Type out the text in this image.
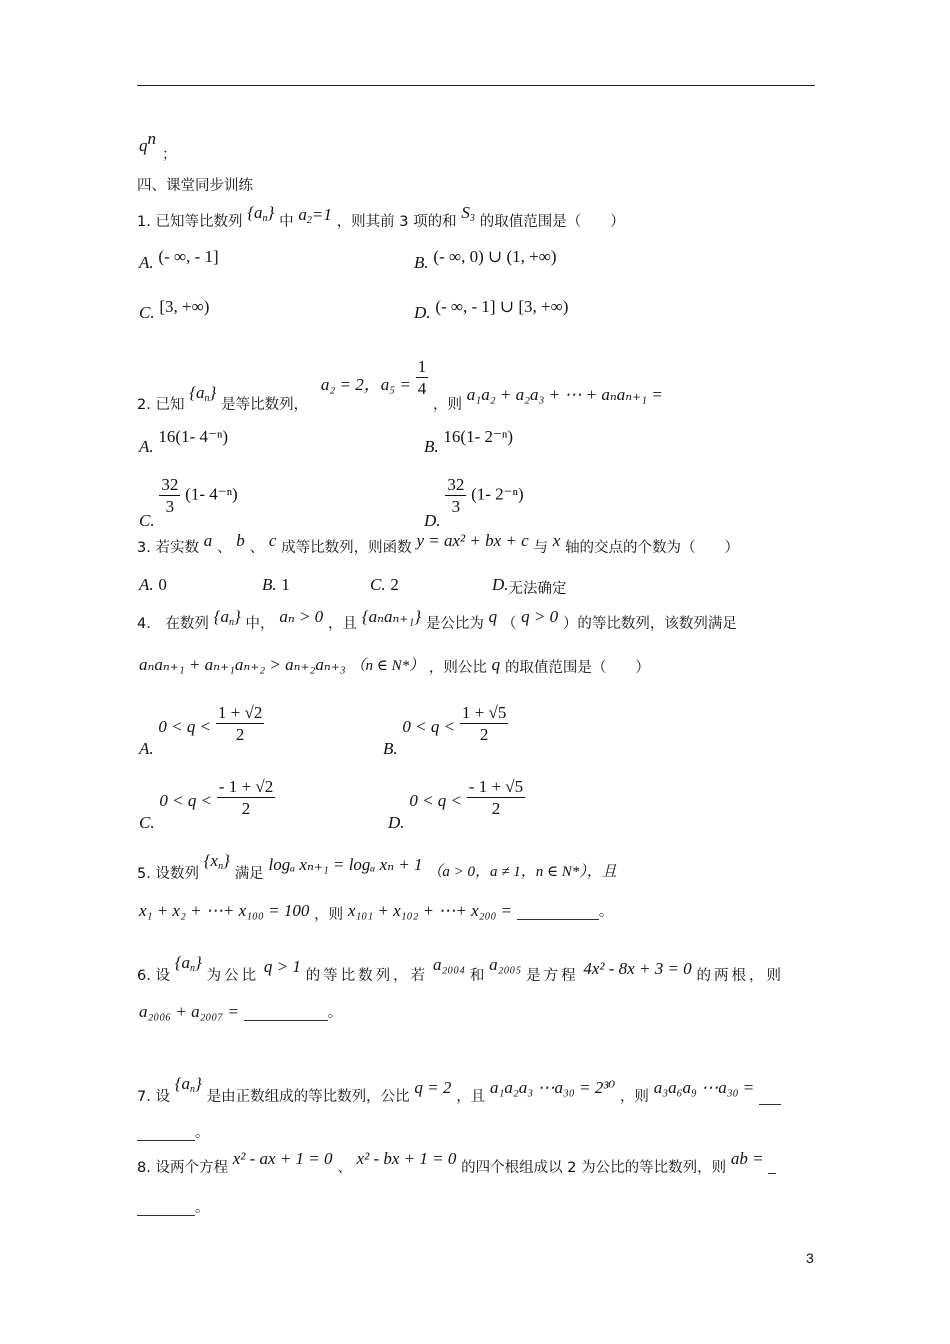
$q^n$；
四、课堂同步训练
1. 已知等比数列 $\{a_n\}$ 中 $a_2=1$ ，则其前 3 项的和 $S_3$ 的取值范围是（　　）
A. (- ∞, - 1]	B. (- ∞, 0) ∪ (1, +∞)
C. [3, +∞)	D. (- ∞, - 1] ∪ [3, +∞)
2. 已知 $\{a_n\}$ 是等比数列， a₂ = 2，$a_5 = \frac{1}{4}$
，则 a₁a₂ + a₂a₃ + ⋯ + aₙaₙ₊₁ =
A. 16(1- 4⁻ⁿ)
B. 16(1- 2⁻ⁿ)
C.
$\frac{32}{3} (1-$ 4⁻ⁿ)
D.
$\frac{32}{3} (1-$ 2⁻ⁿ)
3. 若实数 a 、 b 、 c 成等比数列，则函数 y = ax² + bx + c 与 x 轴的交点的个数为（　　）
A. 0	B. 1	C. 2	D.无法确定
4.　在数列 $\{a_n\}$ 中， aₙ > 0 ，且 {aₙaₙ₊₁} 是公比为 q （ q > 0 ）的等比数列，该数列满足
aₙaₙ₊₁ + aₙ₊₁aₙ₊₂ > aₙ₊₂aₙ₊₃ （n ∈ N*） ，则公比 q 的取值范围是（　　）
A. $0 < q < \frac{1 + √2}{2}$
B. $0 < q < \frac{1 + √5}{2}$
C. $0 < q < \frac{- 1 + √2}{2}$
D. $0 < q < \frac{- 1 + √5}{2}$
5. 设数列 $\{x_n\}$ 满足 logₐ xₙ₊₁ = logₐ xₙ + 1 （a > 0，a ≠ 1，n ∈ N*），且
x₁ + x₂ + ⋯+ x₁₀₀ = 100 ，则 x₁₀₁ + x₁₀₂ + ⋯+ x₂₀₀ =	。
6. 设 $\{a_n\}$ 为公比 q > 1 的等比数列，若 a₂₀₀₄ 和 a₂₀₀₅ 是方程 4x² - 8x + 3 = 0 的两根，则
a₂₀₀₆ + a₂₀₀₇ =	。
7. 设 $\{a_n\}$ 是由正数组成的等比数列，公比 q = 2 ，且 a₁a₂a₃ ⋯a₃₀ = 2³⁰ ，则 a₃a₆a₉ ⋯a₃₀ =
。
8. 设两个方程 x² - ax + 1 = 0 、 x² - bx + 1 = 0 的四个根组成以 2 为公比的等比数列，则 ab =
。
3
